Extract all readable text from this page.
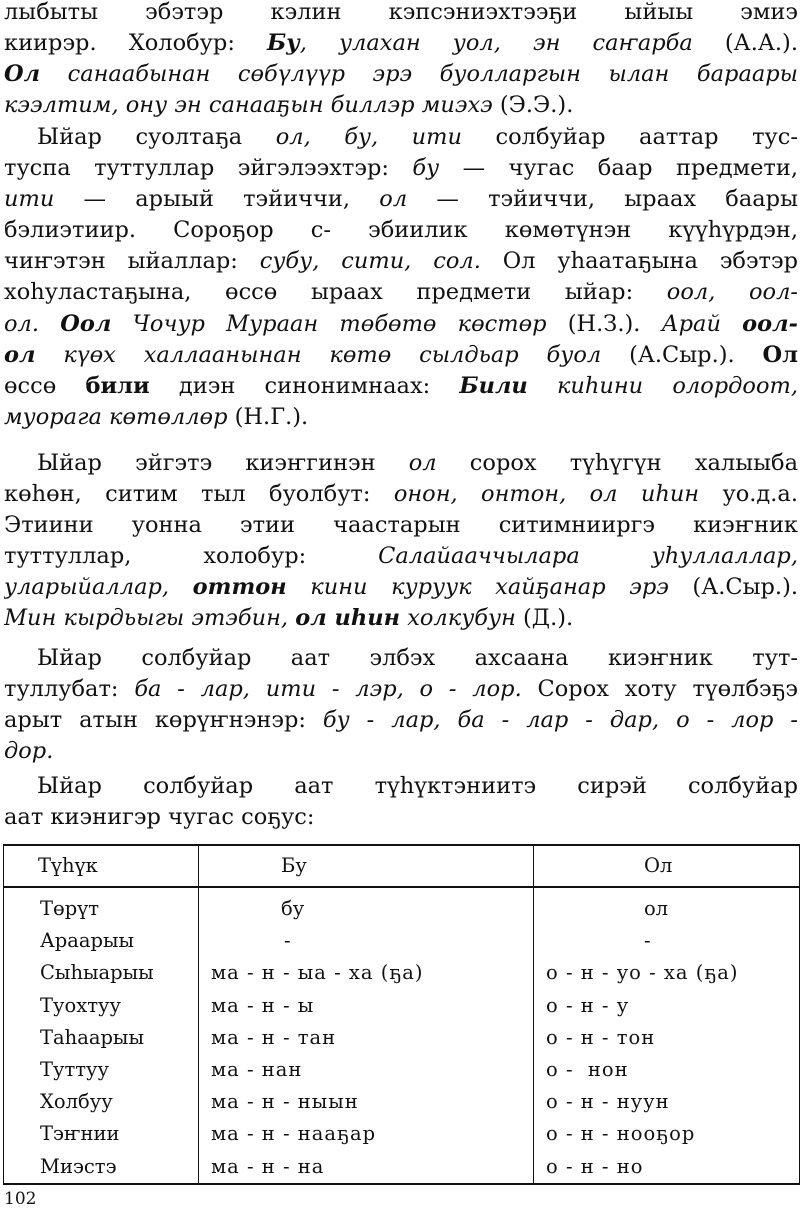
лыбыты эбэтэр кэлин кэпсэниэхтээҕи ыйыы эмиэ
киирэр. Холобур: Бу, улахан уол, эн саҥарба (А.А.).
Ол санаабынан сөбүлүүр эрэ буолларгын ылан бараары
кээлтим, ону эн санааҕын биллэр миэхэ (Э.Э.).
Ыйар суолтаҕа ол, бу, ити солбуйар ааттар тус-
туспа туттуллар эйгэлээхтэр: бу — чугас баар предмети,
ити — арыый тэйиччи, ол — тэйиччи, ыраах баары
бэлиэтиир. Сороҕор с- эбиилик көмөтүнэн күүһүрдэн,
чиҥэтэн ыйаллар: субу, сити, сол. Ол уһаатаҕына эбэтэр
хоһуластаҕына, өссө ыраах предмети ыйар: оол, оол-
ол. Оол Чочур Мураан төбөтө көстөр (Н.З.). Арай оол-
ол күөх халлаанынан көтө сылдьар буол (А.Сыр.). Ол
өссө били диэн синонимнаах: Били киһини олордоот,
муорага көтөллөр (Н.Г.).
Ыйар эйгэтэ киэҥгинэн ол сорох түһүгүн халыыба
көһөн, ситим тыл буолбут: онон, онтон, ол иһин уо.д.а.
Этиини уонна этии чаастарын ситимнииргэ киэҥник
туттуллар, холобур: Салайааччылара уһуллаллар,
уларыйаллар, оттон кини куруук хайҕанар эрэ (А.Сыр.).
Мин кырдьыгы этэбин, ол иһин холкубун (Д.).
Ыйар солбуйар аат элбэх ахсаана киэҥник тут-
туллубат: ба - лар, ити - лэр, о - лор. Сорох хоту түөлбэҕэ
арыт атын көрүҥнэнэр: бу - лар, ба - лар - дар, о - лор -
дор.
Ыйар солбуйар аат түһүктэниитэ сирэй солбуйар
аат киэнигэр чугас соҕус:
Түһүк	Бу	Ол
Төрүт	бу	ол
Араарыы	-	-
Сыһыарыы	ма - н - ыа - ха (ҕа)	о - н - уо - ха (ҕа)
Туохтуу	ма - н - ы	о - н - у
Таһаарыы	ма - н - тан	о - н - тон
Туттуу	ма - нан	о -  нон
Холбуу	ма - н - ныын	о - н - нуун
Тэҥнии	ма - н - нааҕар	о - н - нооҕор
Миэстэ	ма - н - на	о - н - но
102
